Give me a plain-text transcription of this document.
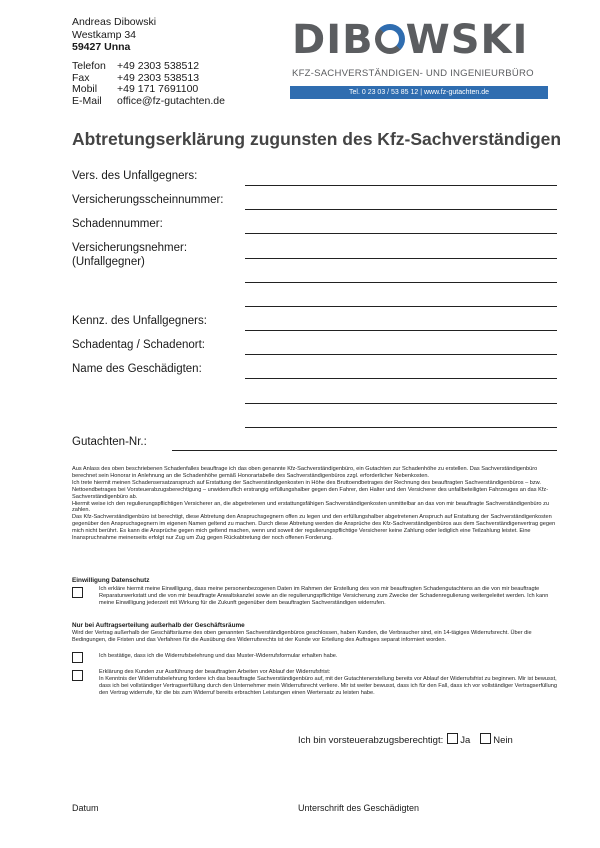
Andreas Dibowski
Westkamp 34
59427 Unna
Telefon +49 2303 538512
Fax	+49 2303 538513
Mobil +49 171 7691100
E-Mail office@fz-gutachten.de
DIB WSKI
KFZ-SACHVERSTÄNDIGEN- UND INGENIEURBÜRO
Tel. 0 23 03 / 53 85 12 | www.fz-gutachten.de
Abtretungserklärung zugunsten des Kfz-Sachverständigen
Vers. des Unfallgegners:
Versicherungsscheinnummer:
Schadennummer:
Versicherungsnehmer:
(Unfallgegner)
Kennz. des Unfallgegners:
Schadentag / Schadenort:
Name des Geschädigten:
Gutachten-Nr.:
Aus Anlass des oben beschriebenen Schadenfalles beauftrage ich das oben genannte Kfz-Sachverständigenbüro, ein Gutachten zur Schadenhöhe zu erstellen. Das Sachverständigenbüro berechnet sein Honorar in Anlehnung an die Schadenhöhe gemäß Honorartabelle des Sachverständigenbüros zzgl. erforderlicher Nebenkosten.
Ich trete hiermit meinen Schadensersatzanspruch auf Erstattung der Sachverständigenkosten in Höhe des Bruttoendbetrages der Rechnung des beauftragten Sachverständigenbüros – bzw. Nettoendbetrages bei Vorsteuerabzugsberechtigung – unwiderruflich erstrangig erfüllungshalber gegen den Fahrer, den Halter und den Versicherer des unfallbeteiligten Fahrzeuges an das Kfz-Sachverständigenbüro ab.
Hiermit weise ich den regulierungspflichtigen Versicherer an, die abgetretenen und erstattungsfähigen Sachverständigenkosten unmittelbar an das von mir beauftragte Sachverständigenbüro zu zahlen.
Das Kfz-Sachverständigenbüro ist berechtigt, diese Abtretung den Anspruchsgegnern offen zu legen und den erfüllungshalber abgetretenen Anspruch auf Erstattung der Sachverständigenkosten gegenüber den Anspruchsgegnern im eigenen Namen geltend zu machen. Durch diese Abtretung werden die Ansprüche des Kfz-Sachverständigenbüros aus dem Sachverständigenvertrag gegen mich nicht berührt. Es kann die Ansprüche gegen mich geltend machen, wenn und soweit der regulierungspflichtige Versicherer keine Zahlung oder lediglich eine Teilzahlung leistet. Eine Inanspruchnahme meinerseits erfolgt nur Zug um Zug gegen Rückabtretung der noch offenen Forderung.
Einwilligung Datenschutz
Ich erkläre hiermit meine Einwilligung, dass meine personenbezogenen Daten im Rahmen der Erstellung des von mir beauftragten Schadengutachtens an die von mir beauftragte Reparaturwerkstatt und die von mir beauftragte Anwaltskanzlei sowie an die regulierungspflichtige Versicherung zum Zwecke der Schadenregulierung weitergeleitet werden. Ich kann meine Einwilligung jederzeit mit Wirkung für die Zukunft gegenüber dem beauftragten Sachverständigen widerrufen.
Nur bei Auftragserteilung außerhalb der Geschäftsräume
Wird der Vertrag außerhalb der Geschäftsräume des oben genannten Sachverständigenbüros geschlossen, haben Kunden, die Verbraucher sind, ein 14-tägiges Widerrufsrecht. Über die Bedingungen, die Fristen und das Verfahren für die Ausübung des Widerrufsrechts ist der Kunde vor Erteilung des Auftrages separat informiert worden.
Ich bestätige, dass ich die Widerrufsbelehrung und das Muster-Widerrufsformular erhalten habe.
Erklärung des Kunden zur Ausführung der beauftragten Arbeiten vor Ablauf der Widerrufsfrist:
In Kenntnis der Widerrufsbelehrung fordere ich das beauftragte Sachverständigenbüro auf, mit der Gutachtenerstellung bereits vor Ablauf der Widerrufsfrist zu beginnen. Mir ist bewusst, dass ich bei vollständiger Vertragserfüllung durch den Unternehmer mein Widerrufsrecht verliere. Mir ist weiter bewusst, dass ich für den Fall, dass ich vor vollständiger Vertragserfüllung den Vertrag widerrufe, für die bis zum Widerruf bereits erbrachten Leistungen einen Wertersatz zu leisten habe.
Ich bin vorsteuerabzugsberechtigt: Ja Nein
Datum	Unterschrift des Geschädigten
